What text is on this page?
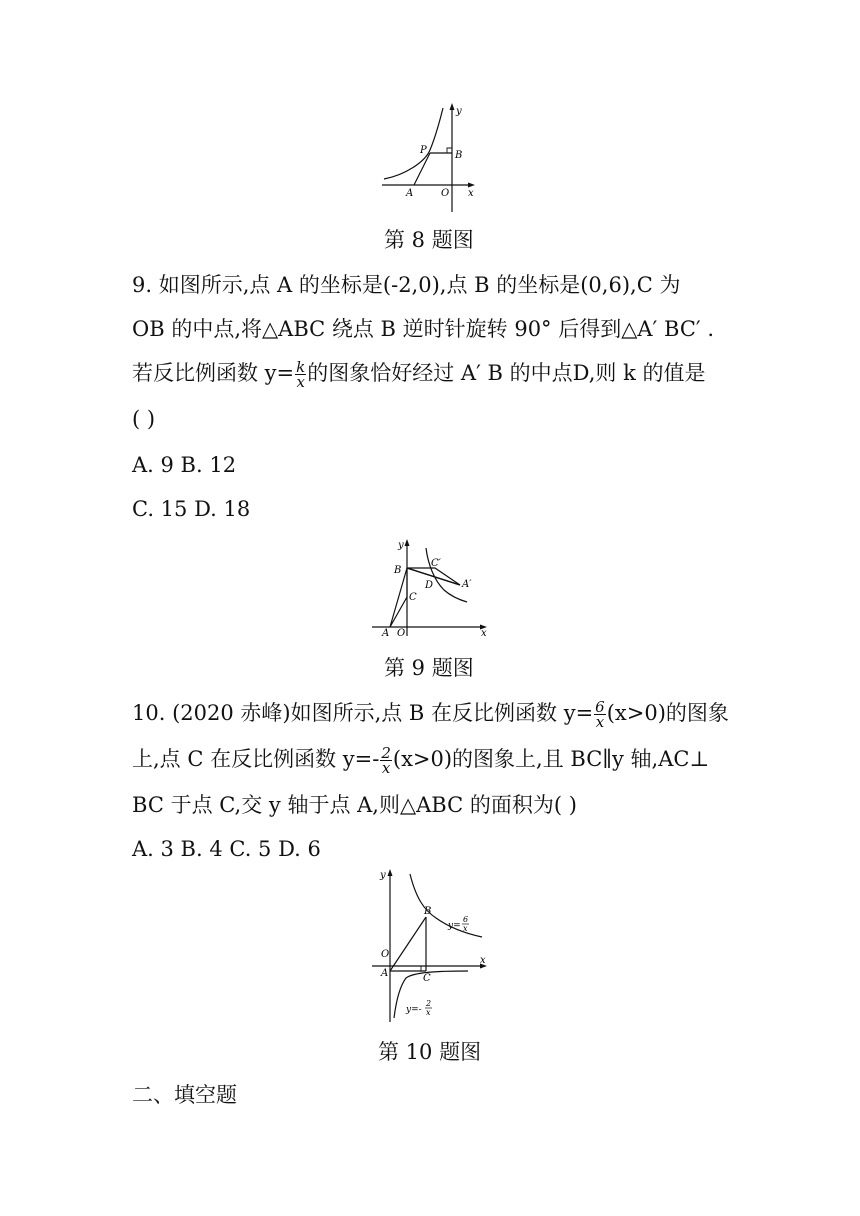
y
x
P	B
A	O
第 8 题图
9. 如图所示,点 A 的坐标是(-2,0),点 B 的坐标是(0,6),C 为
OB 的中点,将△ABC 绕点 B 逆时针旋转 90° 后得到△A′ BC′ .
若反比例函数 $y= \frac{k}{x}$ 的图象恰好经过 A′ B 的中点D,则 k 的值是
( )
A. 9 B. 12
C. 15 D. 18
y
x
B
C
A O
D
C′
A′
第 9 题图
10. (2020 赤峰)如图所示,点 B 在反比例函数 $y= \frac{6}{x} (x>0)$的图象
上,点 C 在反比例函数 $y=- \frac{2}{x} (x>0)$的图象上,且 BC∥y 轴,AC⊥
BC 于点 C,交 y 轴于点 A,则△ABC 的面积为( )
A. 3 B. 4 C. 5 D. 6
y
x
B
O
A	C
y=
6
x
y=-
2
x
第 10 题图
二、填空题
